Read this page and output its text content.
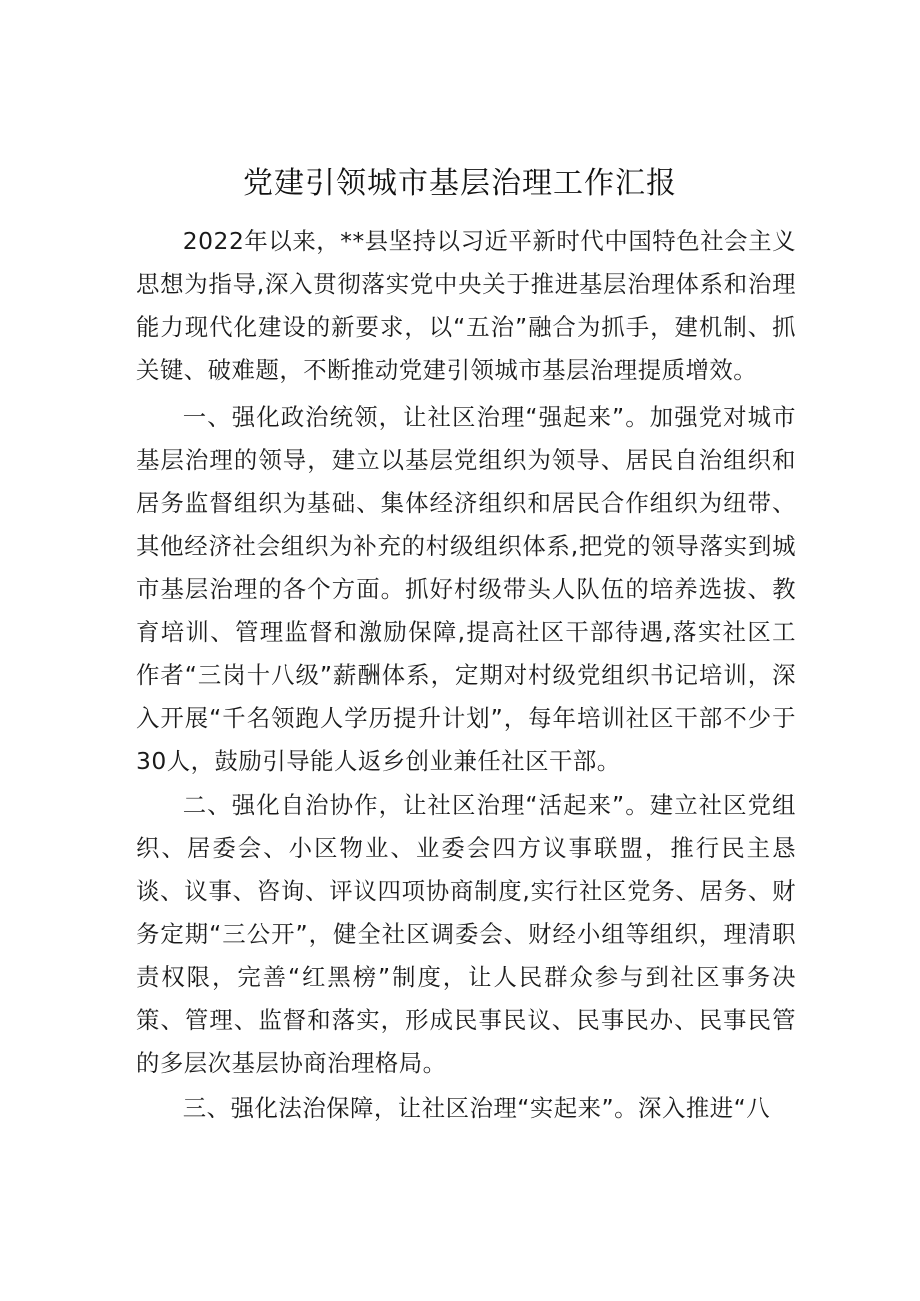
党建引领城市基层治理工作汇报

2022年以来，**县坚持以习近平新时代中国特色社会主义思想为指导,深入贯彻落实党中央关于推进基层治理体系和治理能力现代化建设的新要求，以“五治”融合为抓手，建机制、抓关键、破难题，不断推动党建引领城市基层治理提质增效。

一、强化政治统领，让社区治理“强起来”。加强党对城市基层治理的领导，建立以基层党组织为领导、居民自治组织和居务监督组织为基础、集体经济组织和居民合作组织为纽带、其他经济社会组织为补充的村级组织体系,把党的领导落实到城市基层治理的各个方面。抓好村级带头人队伍的培养选拔、教育培训、管理监督和激励保障,提高社区干部待遇,落实社区工作者“三岗十八级”薪酬体系，定期对村级党组织书记培训，深入开展“千名领跑人学历提升计划”，每年培训社区干部不少于30人，鼓励引导能人返乡创业兼任社区干部。

二、强化自治协作，让社区治理“活起来”。建立社区党组织、居委会、小区物业、业委会四方议事联盟，推行民主恳谈、议事、咨询、评议四项协商制度,实行社区党务、居务、财务定期“三公开”，健全社区调委会、财经小组等组织，理清职责权限，完善“红黑榜”制度，让人民群众参与到社区事务决策、管理、监督和落实，形成民事民议、民事民办、民事民管的多层次基层协商治理格局。

三、强化法治保障，让社区治理“实起来”。深入推进“八
